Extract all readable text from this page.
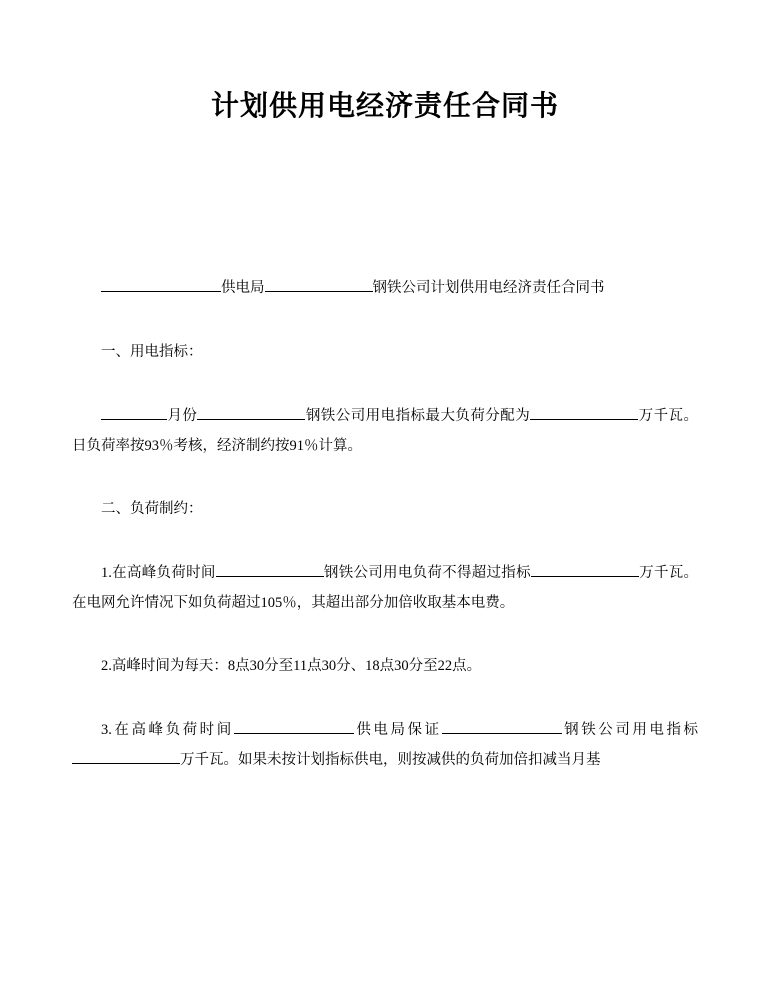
计划供用电经济责任合同书

供电局	钢铁公司计划供用电经济责任合同书

一、用电指标：

月份	钢铁公司用电指标最大负荷分配为	万千瓦。日负荷率按93％考核，经济制约按91％计算。

二、负荷制约：

1.在高峰负荷时间	钢铁公司用电负荷不得超过指标	万千瓦。在电网允许情况下如负荷超过105％，其超出部分加倍收取基本电费。

2.高峰时间为每天：8点30分至11点30分、18点30分至22点。

3.在高峰负荷时间	供电局保证	钢铁公司用电指标万千瓦。如果未按计划指标供电，则按减供的负荷加倍扣减当月基
